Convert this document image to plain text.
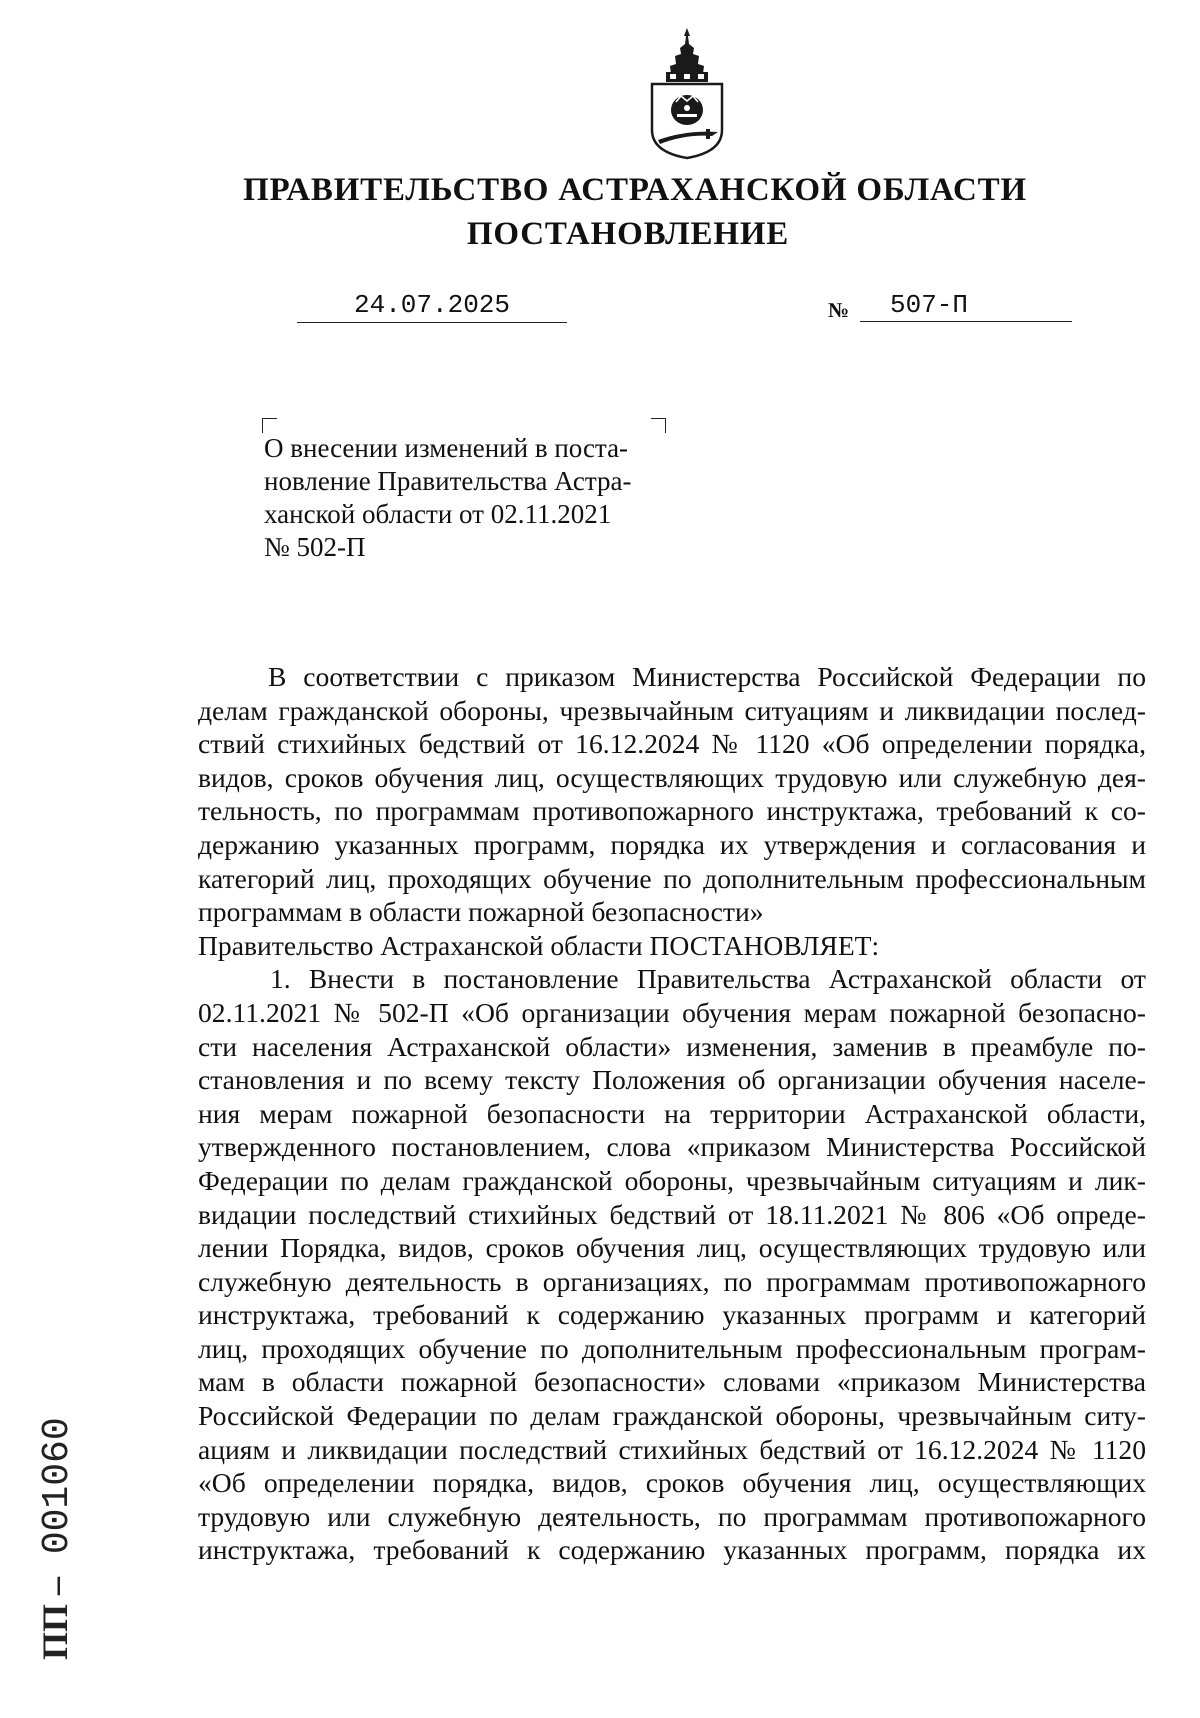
ПРАВИТЕЛЬСТВО АСТРАХАНСКОЙ ОБЛАСТИ
ПОСТАНОВЛЕНИЕ
24.07.2025	№	507-П
О внесении изменений в поста-
новление Правительства Астра-
ханской области от 02.11.2021
№ 502-П
В соответствии с приказом Министерства Российской Федерации по
делам гражданской обороны, чрезвычайным ситуациям и ликвидации послед-
ствий стихийных бедствий от 16.12.2024 № 1120 «Об определении порядка,
видов, сроков обучения лиц, осуществляющих трудовую или служебную дея-
тельность, по программам противопожарного инструктажа, требований к со-
держанию указанных программ, порядка их утверждения и согласования и
категорий лиц, проходящих обучение по дополнительным профессиональным
программам в области пожарной безопасности»
Правительство Астраханской области ПОСТАНОВЛЯЕТ:
1. Внести в постановление Правительства Астраханской области от
02.11.2021 № 502-П «Об организации обучения мерам пожарной безопасно-
сти населения Астраханской области» изменения, заменив в преамбуле по-
становления и по всему тексту Положения об организации обучения населе-
ния мерам пожарной безопасности на территории Астраханской области,
утвержденного постановлением, слова «приказом Министерства Российской
Федерации по делам гражданской обороны, чрезвычайным ситуациям и лик-
видации последствий стихийных бедствий от 18.11.2021 № 806 «Об опреде-
лении Порядка, видов, сроков обучения лиц, осуществляющих трудовую или
служебную деятельность в организациях, по программам противопожарного
инструктажа, требований к содержанию указанных программ и категорий
лиц, проходящих обучение по дополнительным профессиональным програм-
мам в области пожарной безопасности» словами «приказом Министерства
Российской Федерации по делам гражданской обороны, чрезвычайным ситу-
ациям и ликвидации последствий стихийных бедствий от 16.12.2024 № 1120
«Об определении порядка, видов, сроков обучения лиц, осуществляющих
трудовую или служебную деятельность, по программам противопожарного
инструктажа, требований к содержанию указанных программ, порядка их
ПП – 001060
